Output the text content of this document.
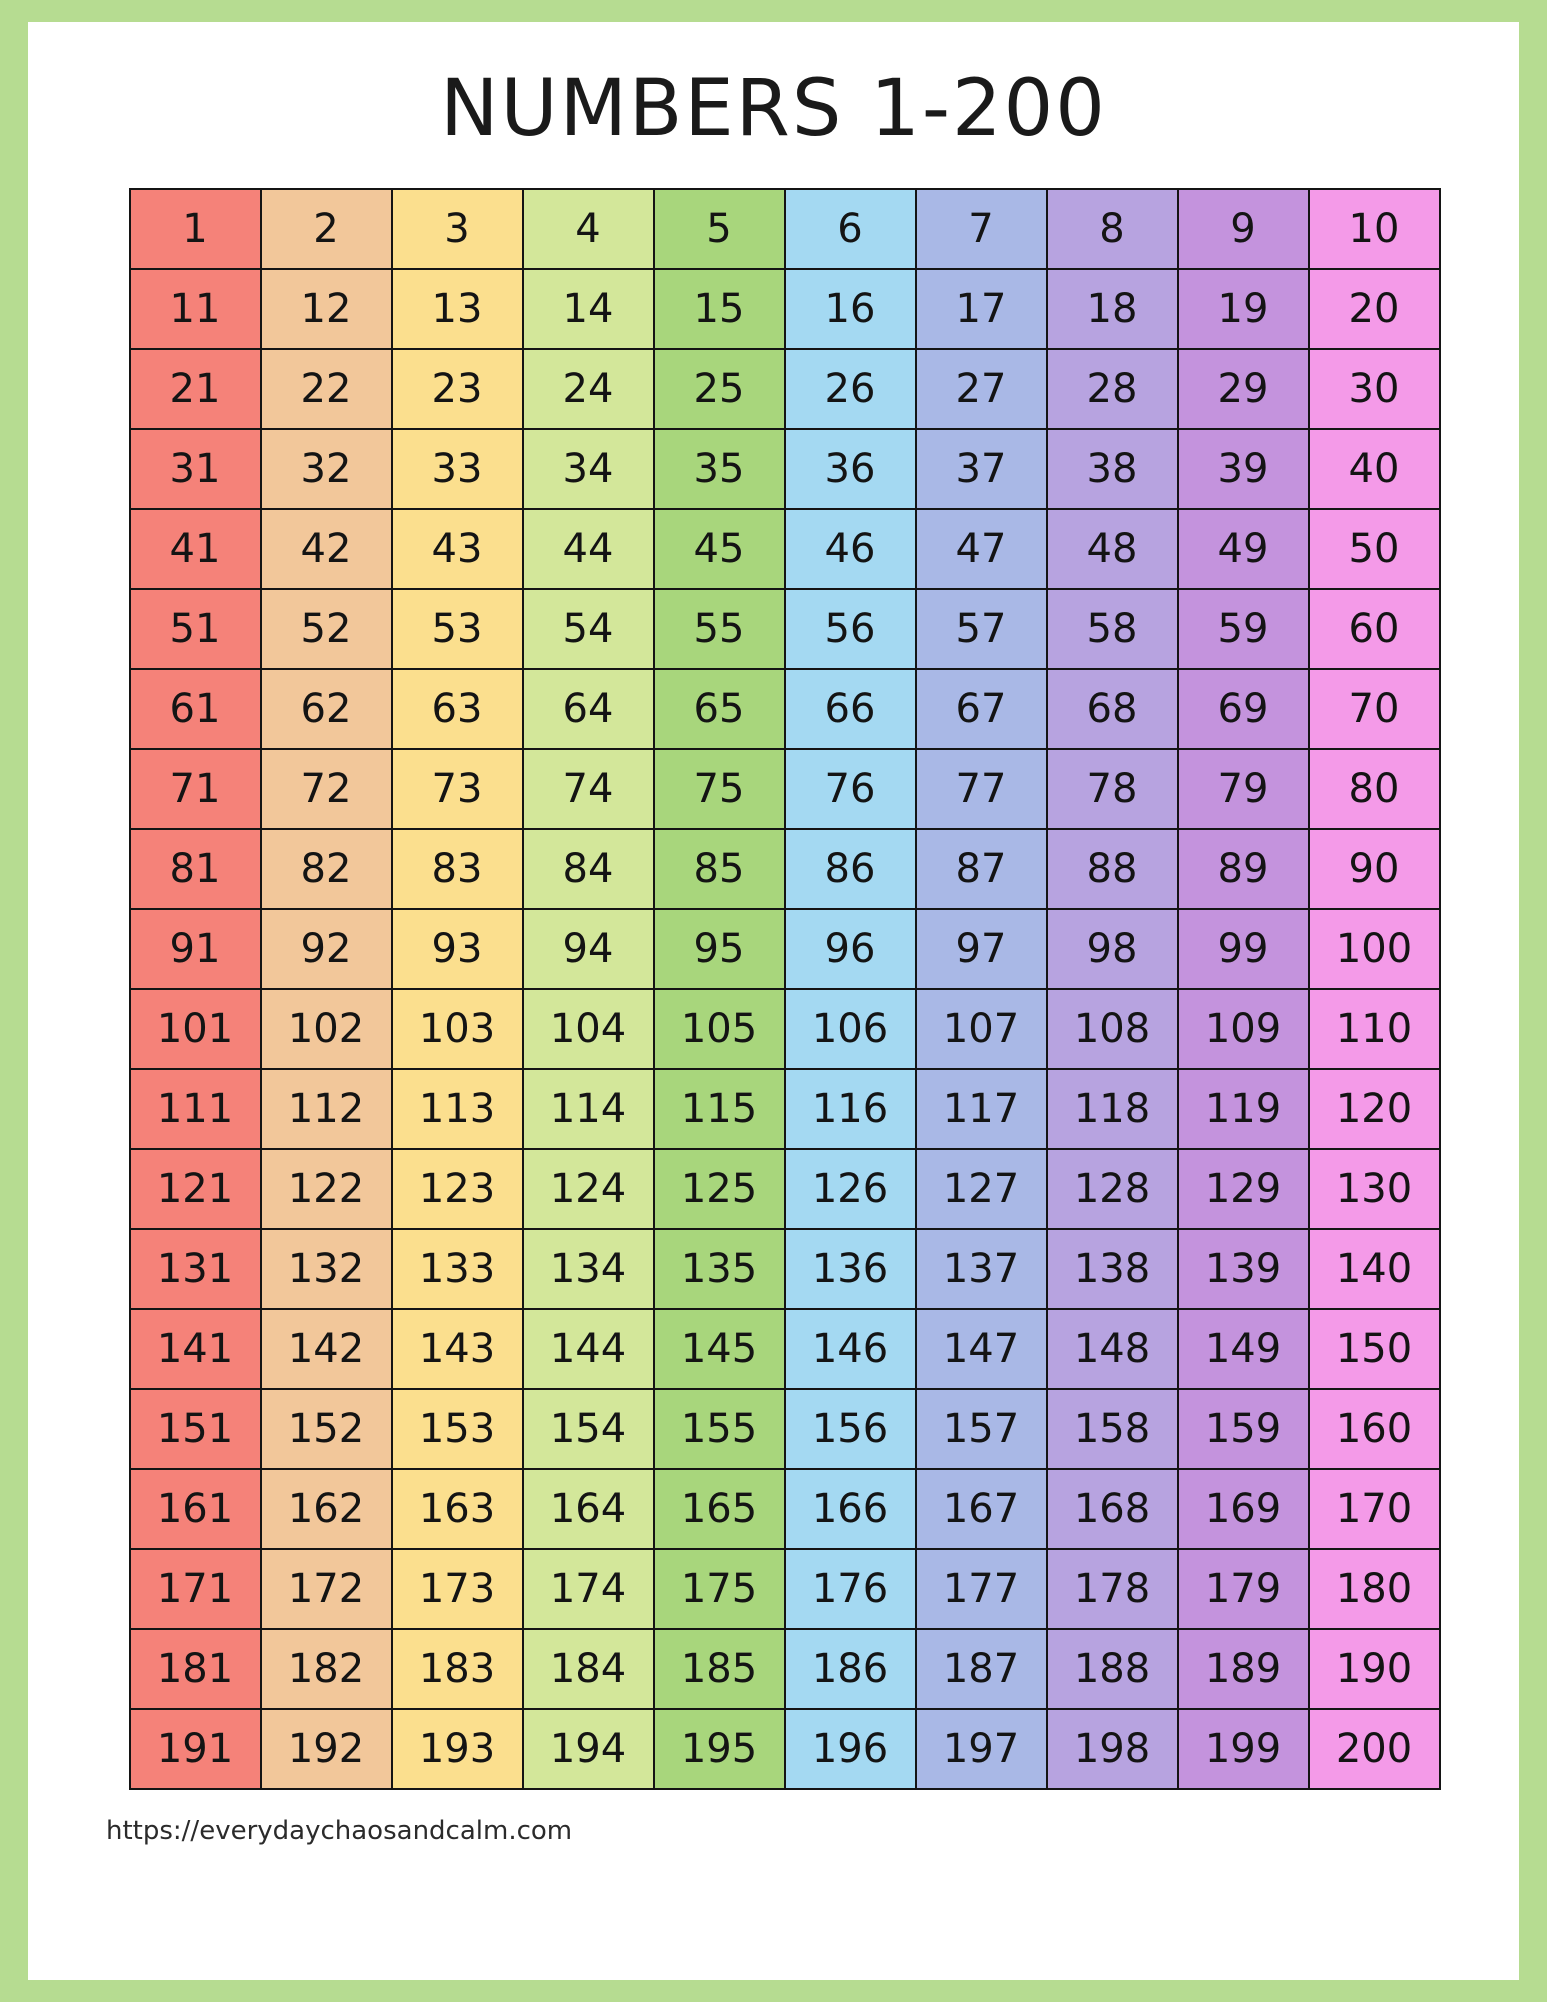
NUMBERS 1-200
1	2	3	4	5	6	7	8	9	10
11	12	13	14	15	16	17	18	19	20
21	22	23	24	25	26	27	28	29	30
31	32	33	34	35	36	37	38	39	40
41	42	43	44	45	46	47	48	49	50
51	52	53	54	55	56	57	58	59	60
61	62	63	64	65	66	67	68	69	70
71	72	73	74	75	76	77	78	79	80
81	82	83	84	85	86	87	88	89	90
91	92	93	94	95	96	97	98	99	100
101	102	103	104	105	106	107	108	109	110
111	112	113	114	115	116	117	118	119	120
121	122	123	124	125	126	127	128	129	130
131	132	133	134	135	136	137	138	139	140
141	142	143	144	145	146	147	148	149	150
151	152	153	154	155	156	157	158	159	160
161	162	163	164	165	166	167	168	169	170
171	172	173	174	175	176	177	178	179	180
181	182	183	184	185	186	187	188	189	190
191	192	193	194	195	196	197	198	199	200
https://everydaychaosandcalm.com
